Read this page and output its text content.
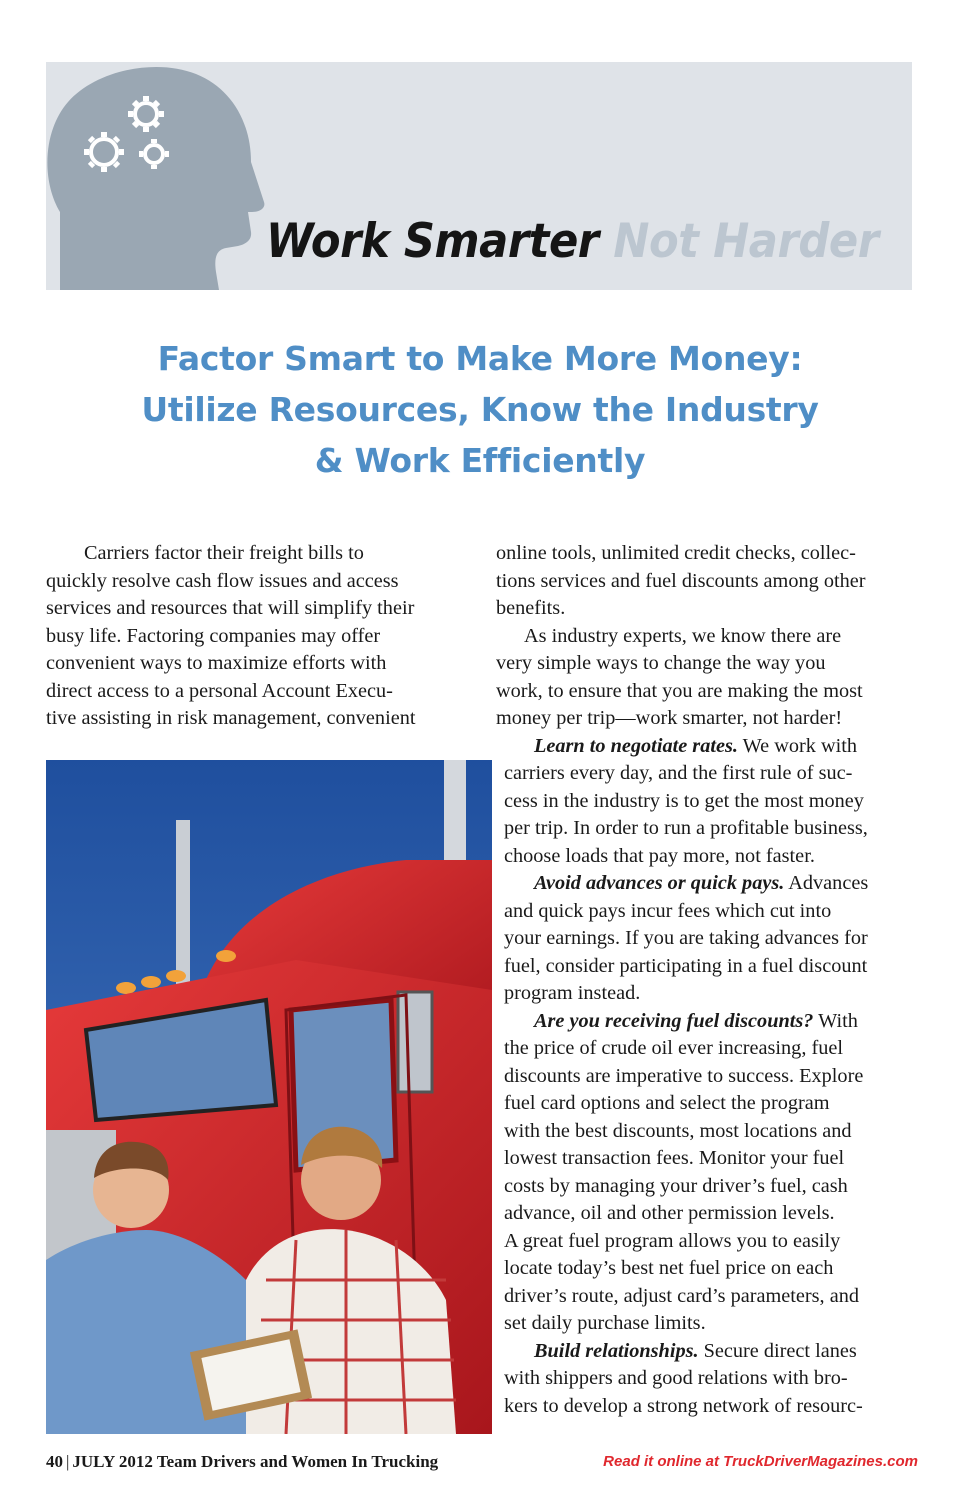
Work Smarter Not Harder
Factor Smart to Make More Money:
Utilize Resources, Know the Industry
& Work Efficiently
Carriers factor their freight bills to
quickly resolve cash flow issues and access
services and resources that will simplify their
busy life. Factoring companies may offer
convenient ways to maximize efforts with
direct access to a personal Account Execu-
tive assisting in risk management, convenient
online tools, unlimited credit checks, collec-
tions services and fuel discounts among other
benefits.
As industry experts, we know there are
very simple ways to change the way you
work, to ensure that you are making the most
money per trip—work smarter, not harder!
Learn to negotiate rates. We work with
carriers every day, and the first rule of suc-
cess in the industry is to get the most money
per trip. In order to run a profitable business,
choose loads that pay more, not faster.
Avoid advances or quick pays. Advances
and quick pays incur fees which cut into
your earnings. If you are taking advances for
fuel, consider participating in a fuel discount
program instead.
Are you receiving fuel discounts? With
the price of crude oil ever increasing, fuel
discounts are imperative to success. Explore
fuel card options and select the program
with the best discounts, most locations and
lowest transaction fees. Monitor your fuel
costs by managing your driver’s fuel, cash
advance, oil and other permission levels.
A great fuel program allows you to easily
locate today’s best net fuel price on each
driver’s route, adjust card’s parameters, and
set daily purchase limits.
Build relationships. Secure direct lanes
with shippers and good relations with bro-
kers to develop a strong network of resourc-
40 | JULY 2012 Team Drivers and Women In Trucking	Read it online at TruckDriverMagazines.com
